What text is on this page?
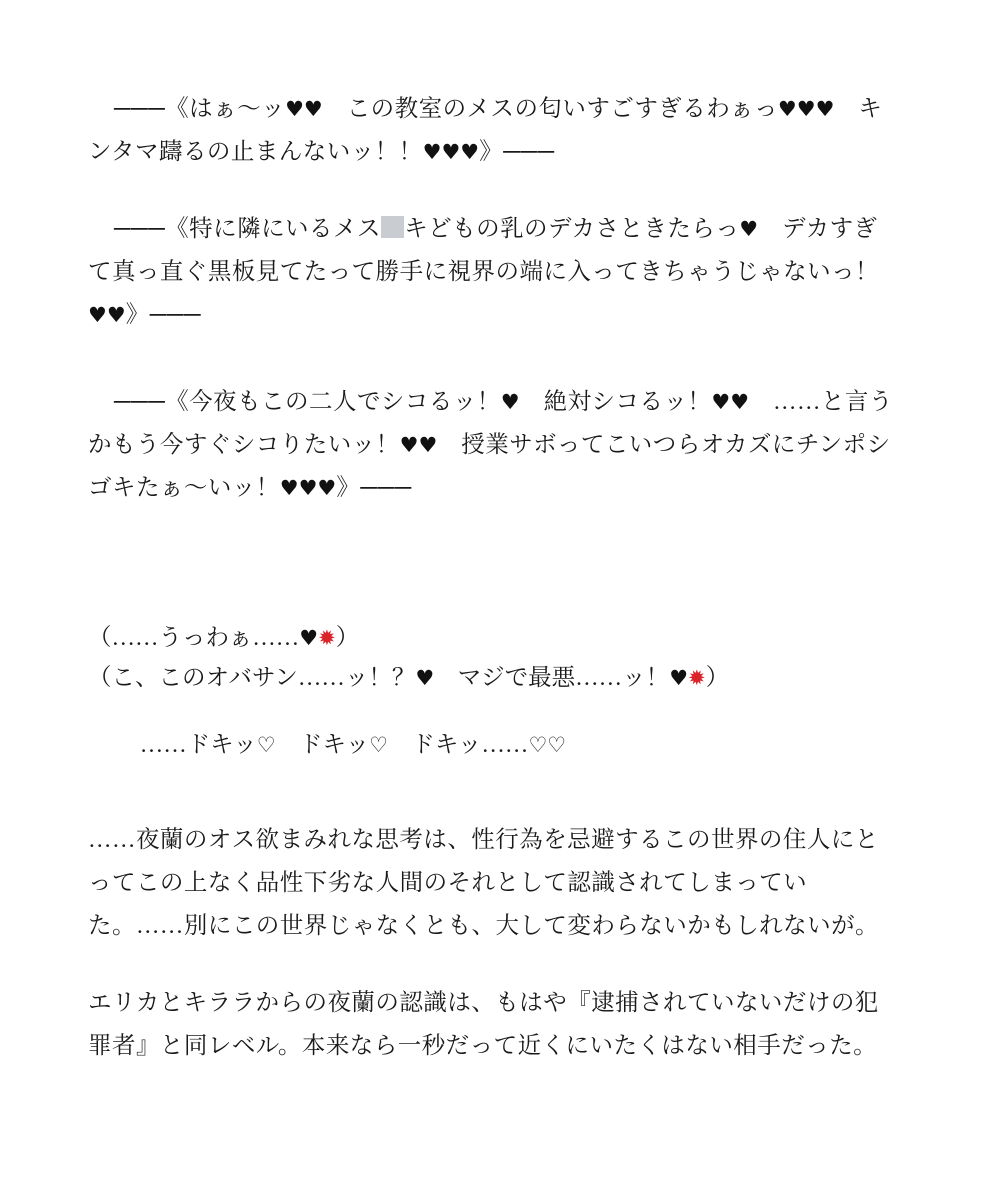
───《はぁ〜ッ♥♥　この教室のメスの匂いすごすぎるわぁっ♥♥♥　キンタマ躊るの止まんないッ！！♥♥♥》───

───《特に隣にいるメス キどもの乳のデカさときたらっ♥　デカすぎて真っ直ぐ黒板見てたって勝手に視界の端に入ってきちゃうじゃないっ！♥♥》───

───《今夜もこの二人でシコるッ！♥　絶対シコるッ！♥♥　……と言うかもう今すぐシコりたいッ！♥♥　授業サボってこいつらオカズにチンポシゴキたぁ〜いッ！♥♥♥》───

（……うっわぁ……♥✹）

（こ、このオバサン……ッ！？♥　マジで最悪……ッ！♥✹）

……ドキッ♡　ドキッ♡　ドキッ……♡♡

……夜蘭のオス欲まみれな思考は、性行為を忌避するこの世界の住人にとってこの上なく品性下劣な人間のそれとして認識されてしまっていた。……別にこの世界じゃなくとも、大して変わらないかもしれないが。

エリカとキララからの夜蘭の認識は、もはや『逮捕されていないだけの犯罪者』と同レベル。本来なら一秒だって近くにいたくはない相手だった。
